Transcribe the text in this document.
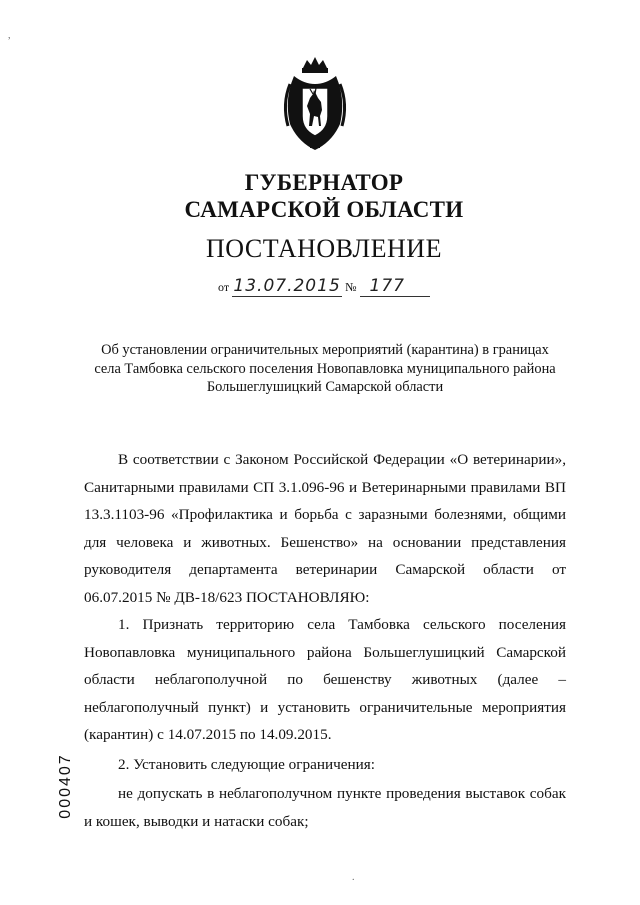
ГУБЕРНАТОР
САМАРСКОЙ ОБЛАСТИ
ПОСТАНОВЛЕНИЕ
от 13.07.2015 № 177
Об установлении ограничительных мероприятий (карантина) в границах
села Тамбовка сельского поселения Новопавловка муниципального района
Большеглушицкий Самарской области

В соответствии с Законом Российской Федерации «О ветеринарии», Санитарными правилами СП 3.1.096-96 и Ветеринарными правилами ВП 13.3.1103-96 «Профилактика и борьба с заразными болезнями, общими для человека и животных. Бешенство» на основании представления руководителя департамента ветеринарии Самарской области от 06.07.2015 № ДВ-18/623 ПОСТАНОВЛЯЮ:

1. Признать территорию села Тамбовка сельского поселения Новопавловка муниципального района Большеглушицкий Самарской области неблагополучной по бешенству животных (далее – неблагополучный пункт) и установить ограничительные мероприятия (карантин) с 14.07.2015 по 14.09.2015.

2. Установить следующие ограничения:

не допускать в неблагополучном пункте проведения выставок собак и кошек, выводки и натаски собак;

000407
,
.
